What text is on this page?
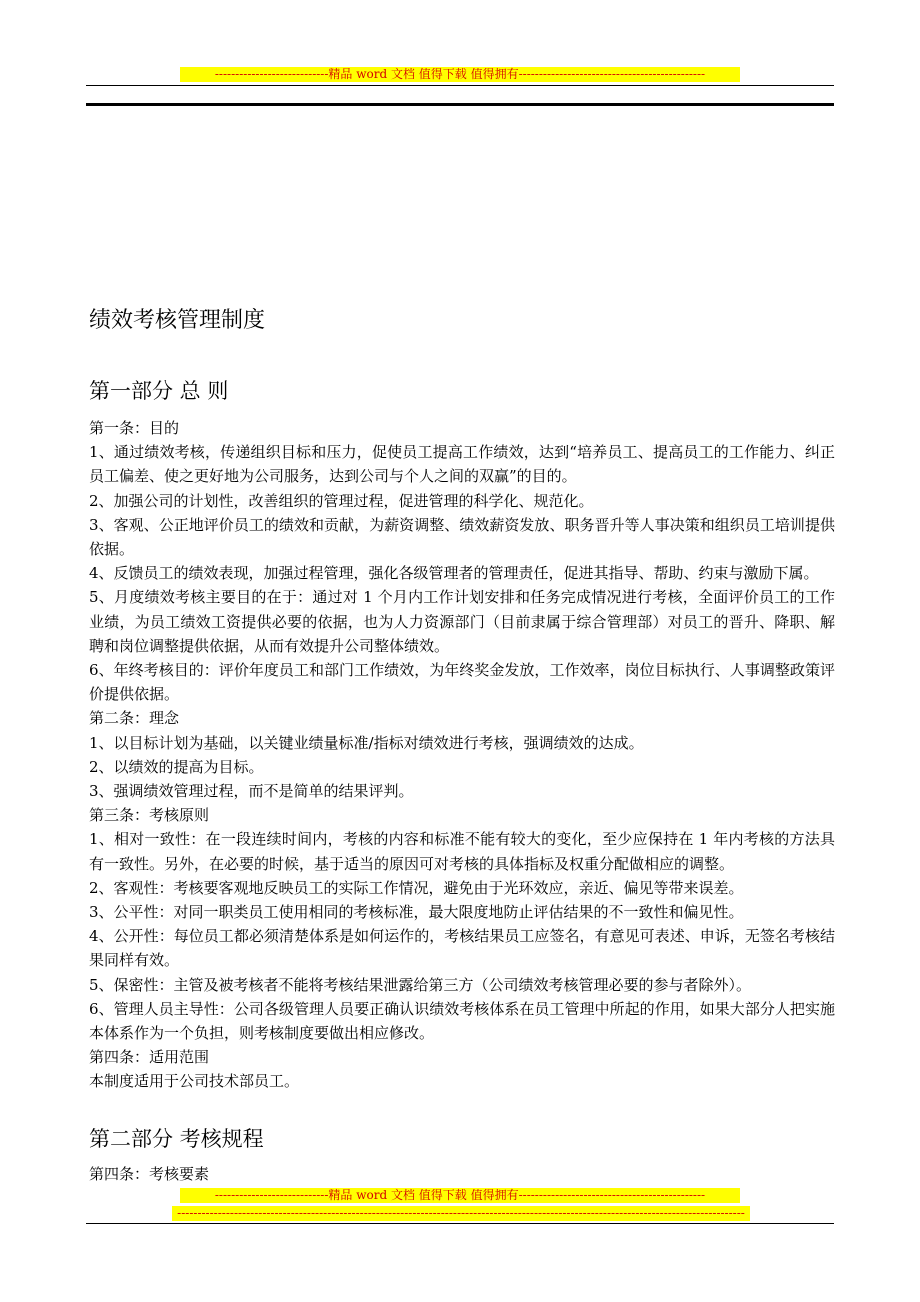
----------------------------精品 word 文档 值得下载 值得拥有----------------------------------------------
绩效考核管理制度
第一部分 总 则

第一条：目的

1、通过绩效考核，传递组织目标和压力，促使员工提高工作绩效，达到“培养员工、提高员工的工作能力、纠正员工偏差、使之更好地为公司服务，达到公司与个人之间的双赢”的目的。

2、加强公司的计划性，改善组织的管理过程，促进管理的科学化、规范化。

3、客观、公正地评价员工的绩效和贡献，为薪资调整、绩效薪资发放、职务晋升等人事决策和组织员工培训提供依据。

4、反馈员工的绩效表现，加强过程管理，强化各级管理者的管理责任，促进其指导、帮助、约束与激励下属。

5、月度绩效考核主要目的在于：通过对 1 个月内工作计划安排和任务完成情况进行考核，全面评价员工的工作业绩，为员工绩效工资提供必要的依据，也为人力资源部门（目前隶属于综合管理部）对员工的晋升、降职、解聘和岗位调整提供依据，从而有效提升公司整体绩效。

6、年终考核目的：评价年度员工和部门工作绩效，为年终奖金发放，工作效率，岗位目标执行、人事调整政策评价提供依据。

第二条：理念

1、以目标计划为基础，以关键业绩量标准/指标对绩效进行考核，强调绩效的达成。

2、以绩效的提高为目标。

3、强调绩效管理过程，而不是简单的结果评判。

第三条：考核原则

1、相对一致性：在一段连续时间内，考核的内容和标准不能有较大的变化，至少应保持在 1 年内考核的方法具有一致性。另外，在必要的时候，基于适当的原因可对考核的具体指标及权重分配做相应的调整。

2、客观性：考核要客观地反映员工的实际工作情况，避免由于光环效应，亲近、偏见等带来误差。

3、公平性：对同一职类员工使用相同的考核标准，最大限度地防止评估结果的不一致性和偏见性。

4、公开性：每位员工都必须清楚体系是如何运作的，考核结果员工应签名，有意见可表述、申诉，无签名考核结果同样有效。

5、保密性：主管及被考核者不能将考核结果泄露给第三方（公司绩效考核管理必要的参与者除外）。

6、管理人员主导性：公司各级管理人员要正确认识绩效考核体系在员工管理中所起的作用，如果大部分人把实施本体系作为一个负担，则考核制度要做出相应修改。

第四条：适用范围

本制度适用于公司技术部员工。

第二部分 考核规程

第四条：考核要素

----------------------------精品 word 文档 值得下载 值得拥有----------------------------------------------
--------------------------------------------------------------------------------------------------------------------------------------------
